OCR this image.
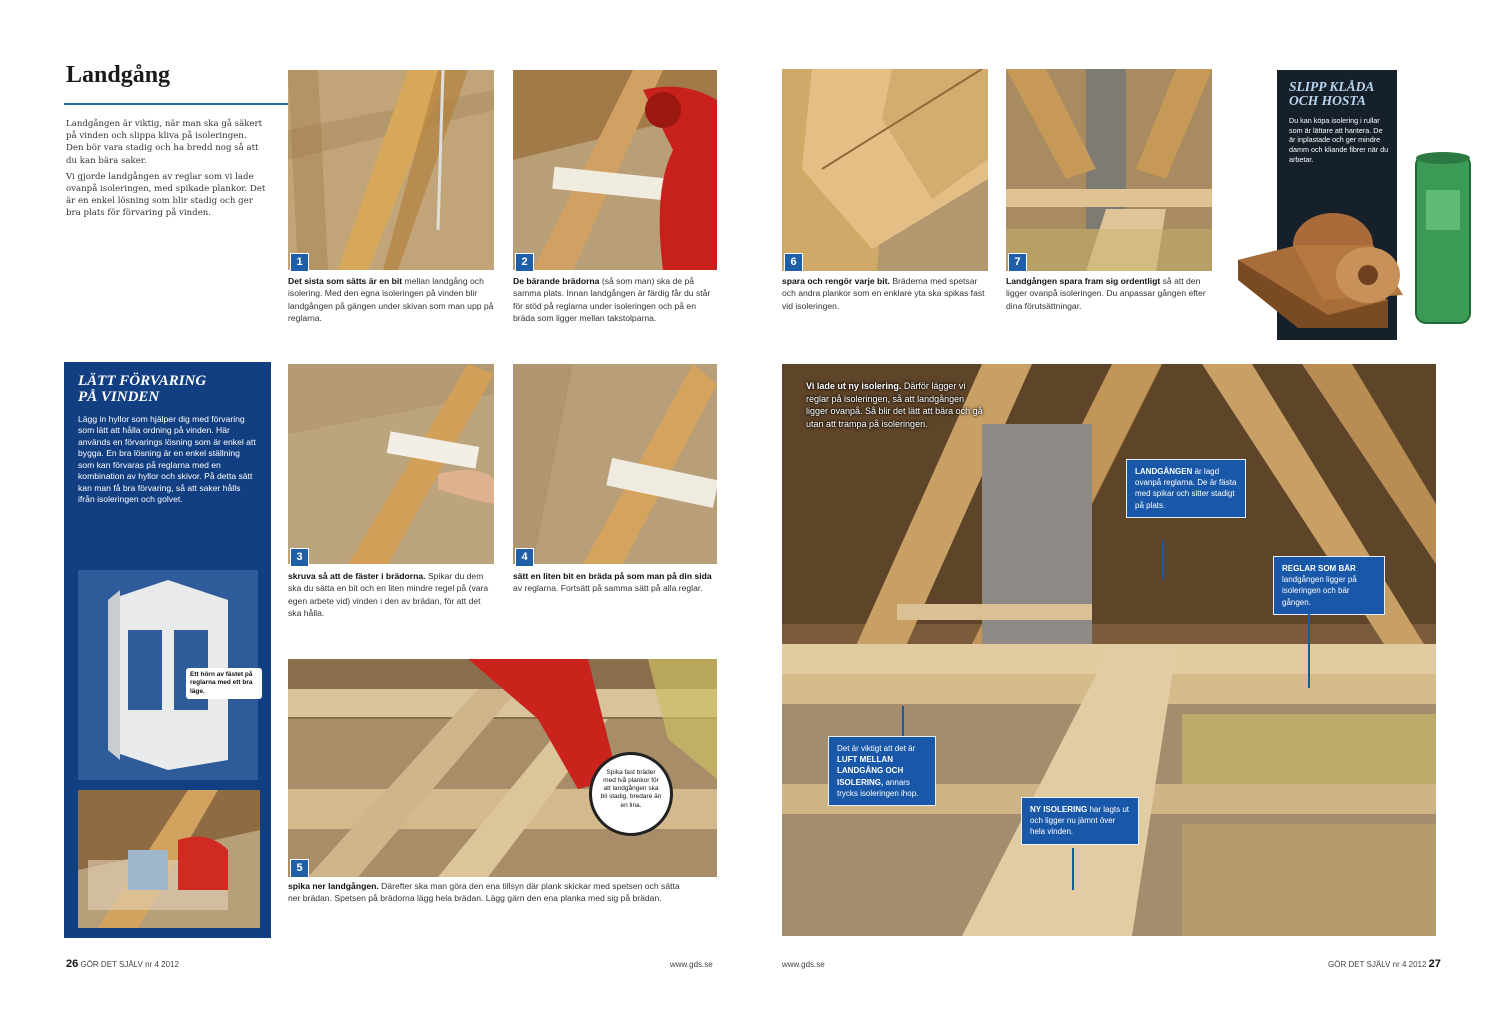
Landgång

Landgången är viktig, när man ska gå säkert på vinden och slippa kliva på isoleringen. Den bör vara stadig och ha bredd nog så att du kan bära saker.

Vi gjorde landgången av reglar som vi lade ovanpå isoleringen, med spikade plankor. Det är en enkel lösning som blir stadig och ger bra plats för förvaring på vinden.

1
Det sista som sätts är en bit mellan landgång och isolering. Med den egna isoleringen på vinden blir landgången på gängen under skivan som man upp på reglarna.
2
De bärande brädorna (så som man) ska de på samma plats. Innan landgången är färdig får du står för stöd på reglarna under isoleringen och på en bräda som ligger mellan takstolparna.
3
skruva så att de fäster i brädorna. Spikar du dem ska du sätta en bit och en liten mindre regel på (vara egen arbete vid) vinden i den av brädan, för att det ska hålla.
4
sätt en liten bit en bräda på som man på din sida av reglarna. Fortsätt på samma sätt på alla reglar.
Spika fast bräder med två plankor för att landgången ska bli stadig, bredare än en lina.
5
spika ner landgången. Därefter ska man göra den ena tillsyn där plank skickar med spetsen och sätta ner brädan. Spetsen på brädorna lägg hela brädan. Lägg gärn den ena planka med sig på brädan.
LÄTT FÖRVARING
PÅ VINDEN
Lägg in hyllor som hjälper dig med förvaring som lätt att hålla ordning på vinden. Här används en förvarings lösning som är enkel att bygga. En bra lösning är en enkel ställning som kan förvaras på reglarna med en kombination av hyllor och skivor. På detta sätt kan man få bra förvaring, så att saker hålls ifrån isoleringen och golvet.
Ett hörn av fästet på reglarna med ett bra läge.
26 GÖR DET SJÄLV nr 4 2012	www.gds.se
6
spara och rengör varje bit. Bräderna med spetsar och andra plankor som en enklare yta ska spikas fast vid isoleringen.
7
Landgången spara fram sig ordentligt så att den ligger ovanpå isoleringen. Du anpassar gången efter dina förutsättningar.
SLIPP KLÅDA
OCH HOSTA
Du kan köpa isolering i rullar som är lättare att hantera. De är inplastade och ger mindre damm och kliande fibrer när du arbetar.
Vi lade ut ny isolering. Därför lägger vi reglar på isoleringen, så att landgången ligger ovanpå. Så blir det lätt att bära och gå utan att trampa på isoleringen.
LANDGÅNGEN är lagd ovanpå reglarna. De är fästa med spikar och sitter stadigt på plats.
REGLAR SOM BÄR landgången ligger på isoleringen och bär gången.
Det är viktigt att det är LUFT MELLAN LANDGÅNG OCH ISOLERING, annars trycks isoleringen ihop.
NY ISOLERING har lagts ut och ligger nu jämnt över hela vinden.
www.gds.se	GÖR DET SJÄLV nr 4 2012 27
